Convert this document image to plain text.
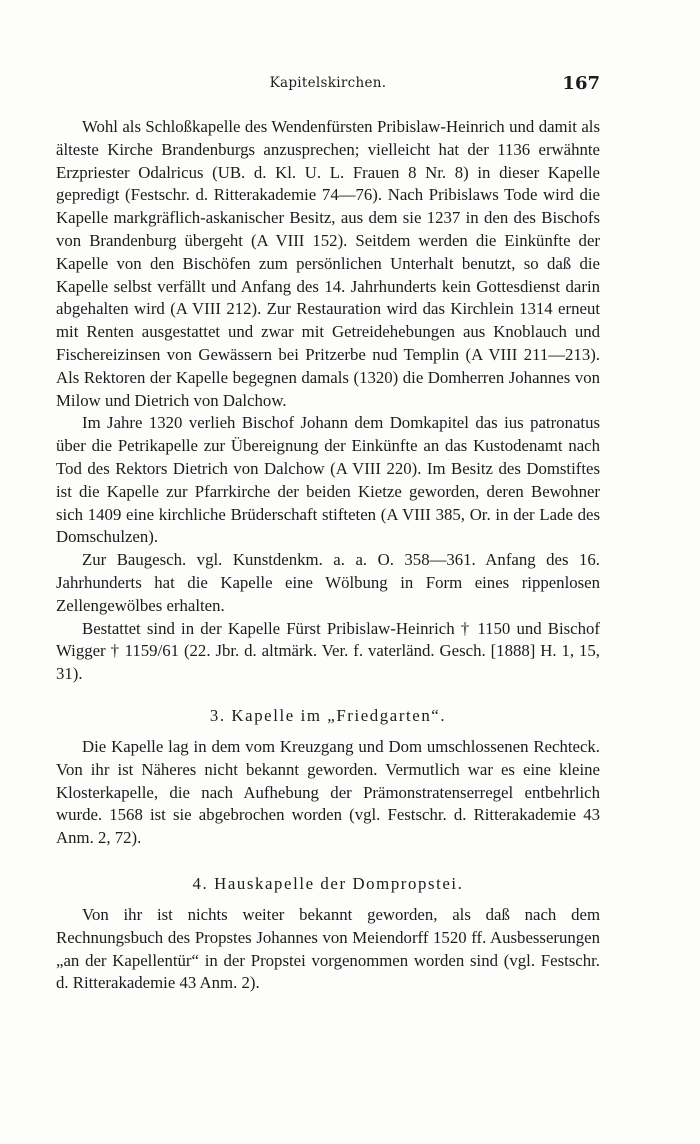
Kapitelskirchen.	167

Wohl als Schloßkapelle des Wendenfürsten Pribislaw-Heinrich und damit als älteste Kirche Brandenburgs anzusprechen; vielleicht hat der 1136 erwähnte Erzpriester Odalricus (UB. d. Kl. U. L. Frauen 8 Nr. 8) in dieser Kapelle gepredigt (Festschr. d. Ritterakademie 74—76). Nach Pribislaws Tode wird die Kapelle markgräflich-askanischer Besitz, aus dem sie 1237 in den des Bischofs von Brandenburg übergeht (A VIII 152). Seitdem werden die Einkünfte der Kapelle von den Bischöfen zum persönlichen Unterhalt benutzt, so daß die Kapelle selbst verfällt und Anfang des 14. Jahrhunderts kein Gottesdienst darin abgehalten wird (A VIII 212). Zur Restauration wird das Kirchlein 1314 erneut mit Renten ausgestattet und zwar mit Getreidehebungen aus Knoblauch und Fischereizinsen von Gewässern bei Pritzerbe nud Templin (A VIII 211—213). Als Rektoren der Kapelle begegnen damals (1320) die Domherren Johannes von Milow und Dietrich von Dalchow.

Im Jahre 1320 verlieh Bischof Johann dem Domkapitel das ius patronatus über die Petrikapelle zur Übereignung der Einkünfte an das Kustodenamt nach Tod des Rektors Dietrich von Dalchow (A VIII 220). Im Besitz des Domstiftes ist die Kapelle zur Pfarrkirche der beiden Kietze geworden, deren Bewohner sich 1409 eine kirchliche Brüderschaft stifteten (A VIII 385, Or. in der Lade des Domschulzen).

Zur Baugesch. vgl. Kunstdenkm. a. a. O. 358—361. Anfang des 16. Jahrhunderts hat die Kapelle eine Wölbung in Form eines rippenlosen Zellengewölbes erhalten.

Bestattet sind in der Kapelle Fürst Pribislaw-Heinrich † 1150 und Bischof Wigger † 1159/61 (22. Jbr. d. altmärk. Ver. f. vaterländ. Gesch. [1888] H. 1, 15, 31).

3. Kapelle im „Friedgarten“.

Die Kapelle lag in dem vom Kreuzgang und Dom umschlossenen Rechteck. Von ihr ist Näheres nicht bekannt geworden. Vermutlich war es eine kleine Klosterkapelle, die nach Aufhebung der Prämonstratenserregel entbehrlich wurde. 1568 ist sie abgebrochen worden (vgl. Festschr. d. Ritterakademie 43 Anm. 2, 72).

4. Hauskapelle der Dompropstei.

Von ihr ist nichts weiter bekannt geworden, als daß nach dem Rechnungsbuch des Propstes Johannes von Meiendorff 1520 ff. Ausbesserungen „an der Kapellentür“ in der Propstei vorgenommen worden sind (vgl. Festschr. d. Ritterakademie 43 Anm. 2).
